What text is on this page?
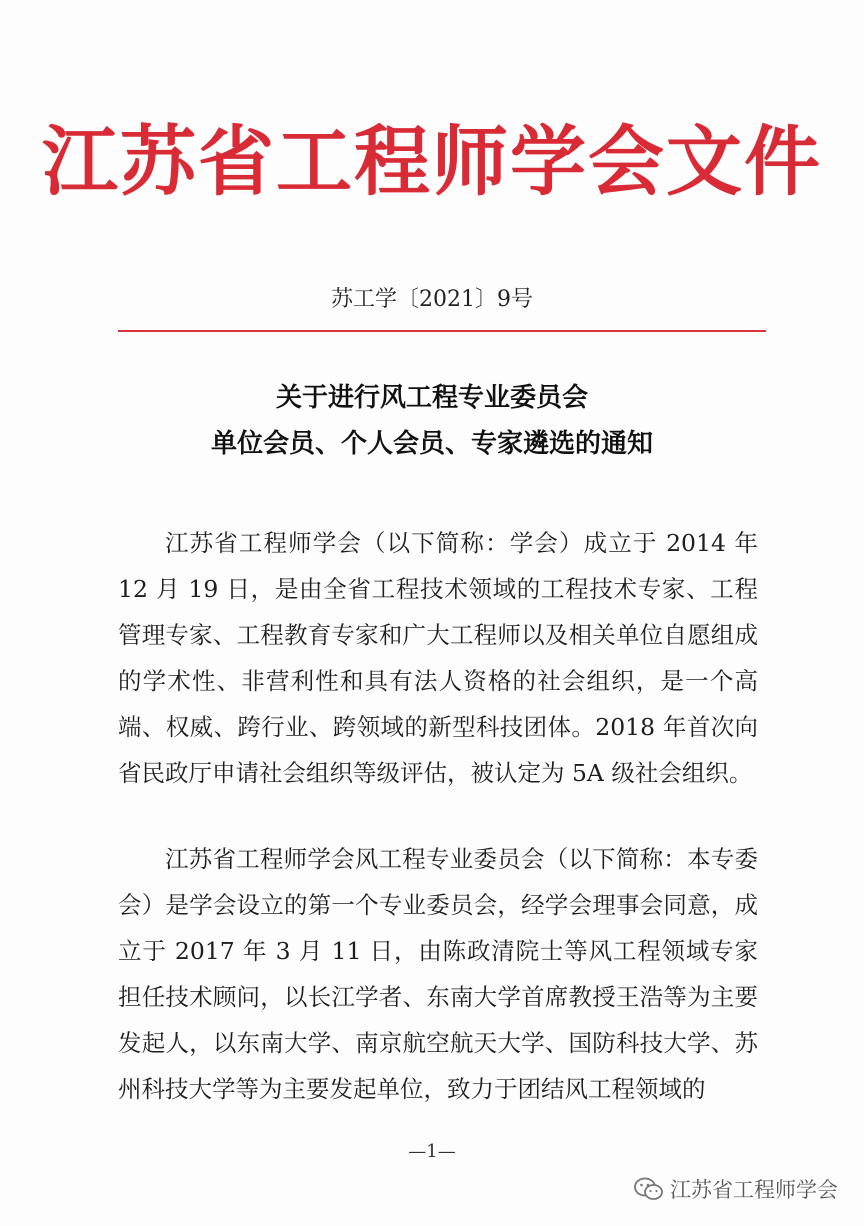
江苏省工程师学会文件
苏工学〔2021〕9号
关于进行风工程专业委员会
单位会员、个人会员、专家遴选的通知

江苏省工程师学会（以下简称：学会）成立于 2014 年 12 月 19 日，是由全省工程技术领域的工程技术专家、工程管理专家、工程教育专家和广大工程师以及相关单位自愿组成的学术性、非营利性和具有法人资格的社会组织，是一个高端、权威、跨行业、跨领域的新型科技团体。2018 年首次向省民政厅申请社会组织等级评估，被认定为 5A 级社会组织。

江苏省工程师学会风工程专业委员会（以下简称：本专委会）是学会设立的第一个专业委员会，经学会理事会同意，成立于 2017 年 3 月 11 日，由陈政清院士等风工程领域专家担任技术顾问，以长江学者、东南大学首席教授王浩等为主要发起人，以东南大学、南京航空航天大学、国防科技大学、苏州科技大学等为主要发起单位，致力于团结风工程领域的

—1—
江苏省工程师学会
